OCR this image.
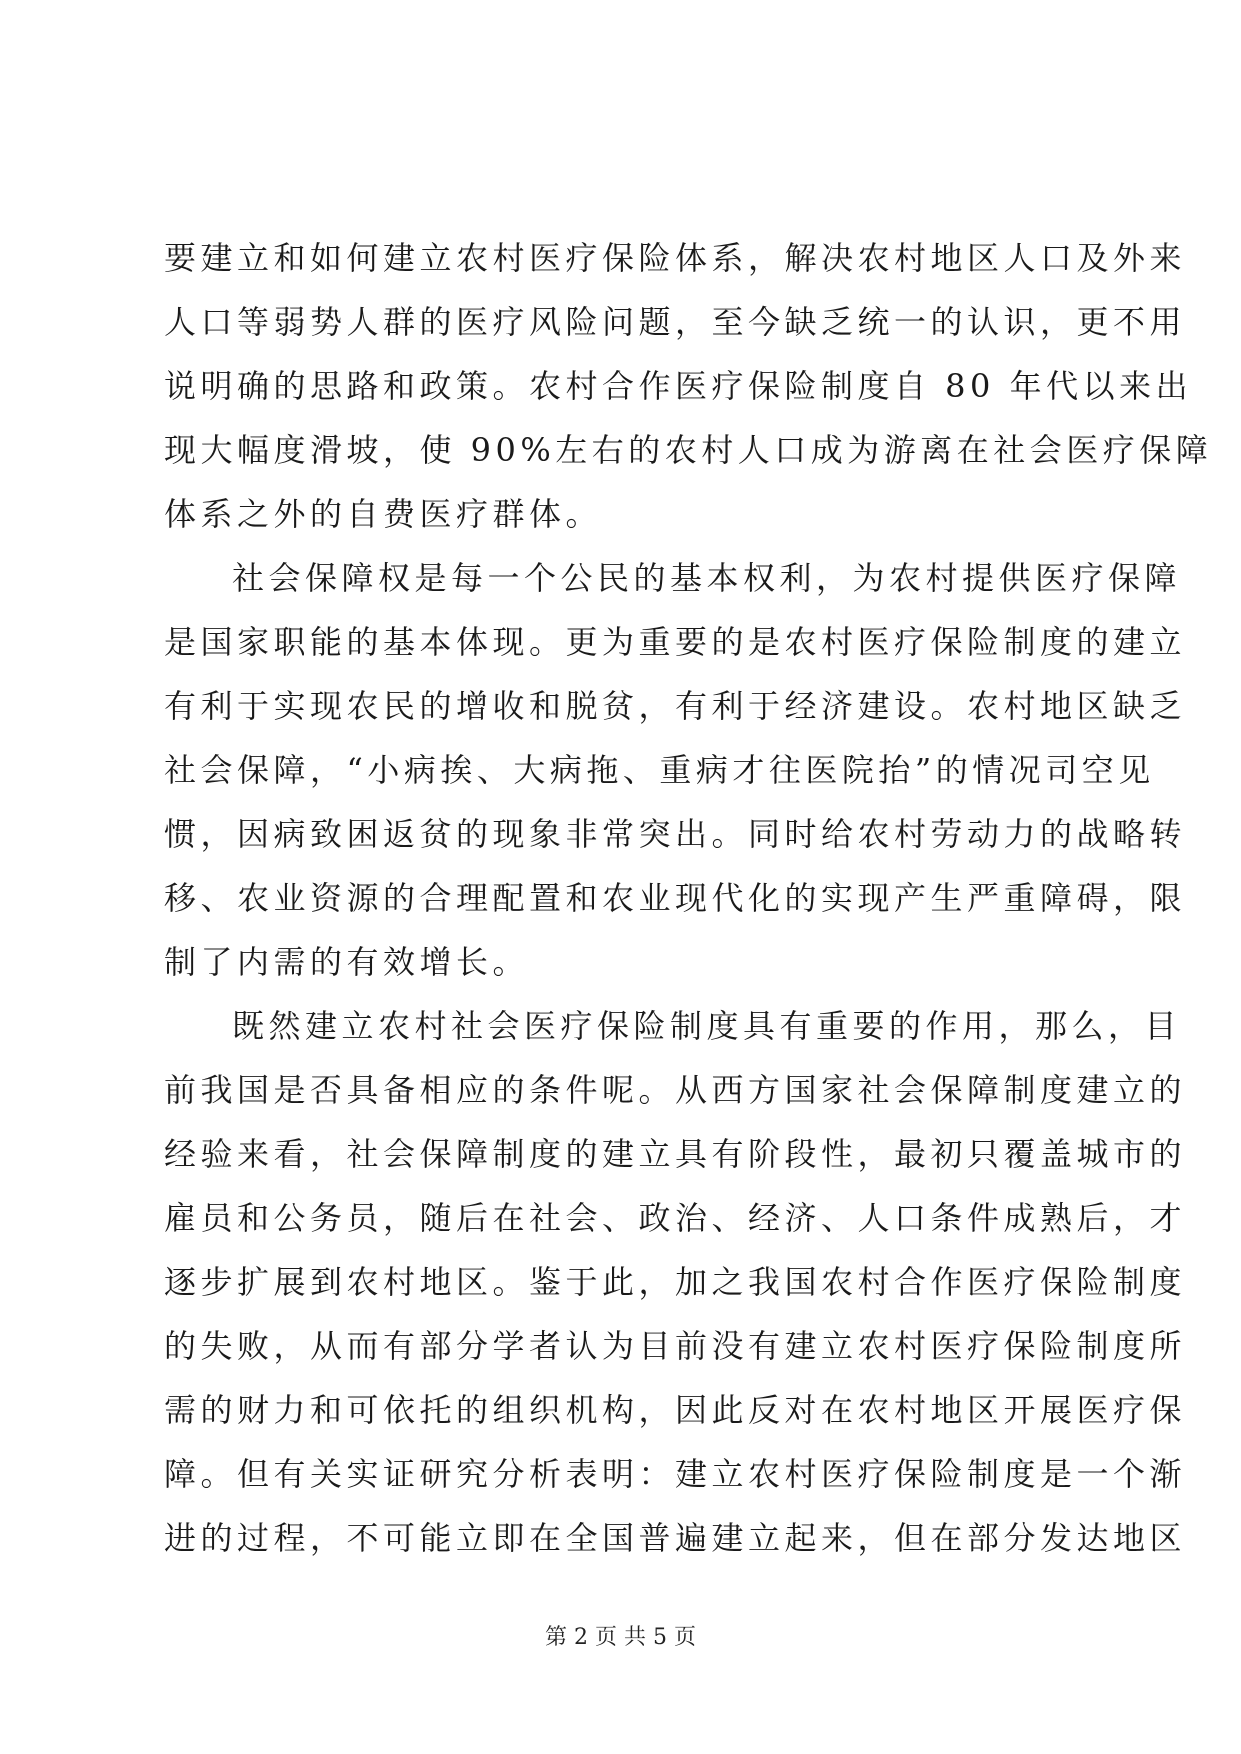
要建立和如何建立农村医疗保险体系，解决农村地区人口及外来
人口等弱势人群的医疗风险问题，至今缺乏统一的认识，更不用
说明确的思路和政策。农村合作医疗保险制度自 80 年代以来出
现大幅度滑坡，使 90%左右的农村人口成为游离在社会医疗保障
体系之外的自费医疗群体。
社会保障权是每一个公民的基本权利，为农村提供医疗保障
是国家职能的基本体现。更为重要的是农村医疗保险制度的建立
有利于实现农民的增收和脱贫，有利于经济建设。农村地区缺乏
社会保障，“小病挨、大病拖、重病才往医院抬”的情况司空见
惯，因病致困返贫的现象非常突出。同时给农村劳动力的战略转
移、农业资源的合理配置和农业现代化的实现产生严重障碍，限
制了内需的有效增长。
既然建立农村社会医疗保险制度具有重要的作用，那么，目
前我国是否具备相应的条件呢。从西方国家社会保障制度建立的
经验来看，社会保障制度的建立具有阶段性，最初只覆盖城市的
雇员和公务员，随后在社会、政治、经济、人口条件成熟后，才
逐步扩展到农村地区。鉴于此，加之我国农村合作医疗保险制度
的失败，从而有部分学者认为目前没有建立农村医疗保险制度所
需的财力和可依托的组织机构，因此反对在农村地区开展医疗保
障。但有关实证研究分析表明：建立农村医疗保险制度是一个渐
进的过程，不可能立即在全国普遍建立起来，但在部分发达地区
第 2 页 共 5 页
